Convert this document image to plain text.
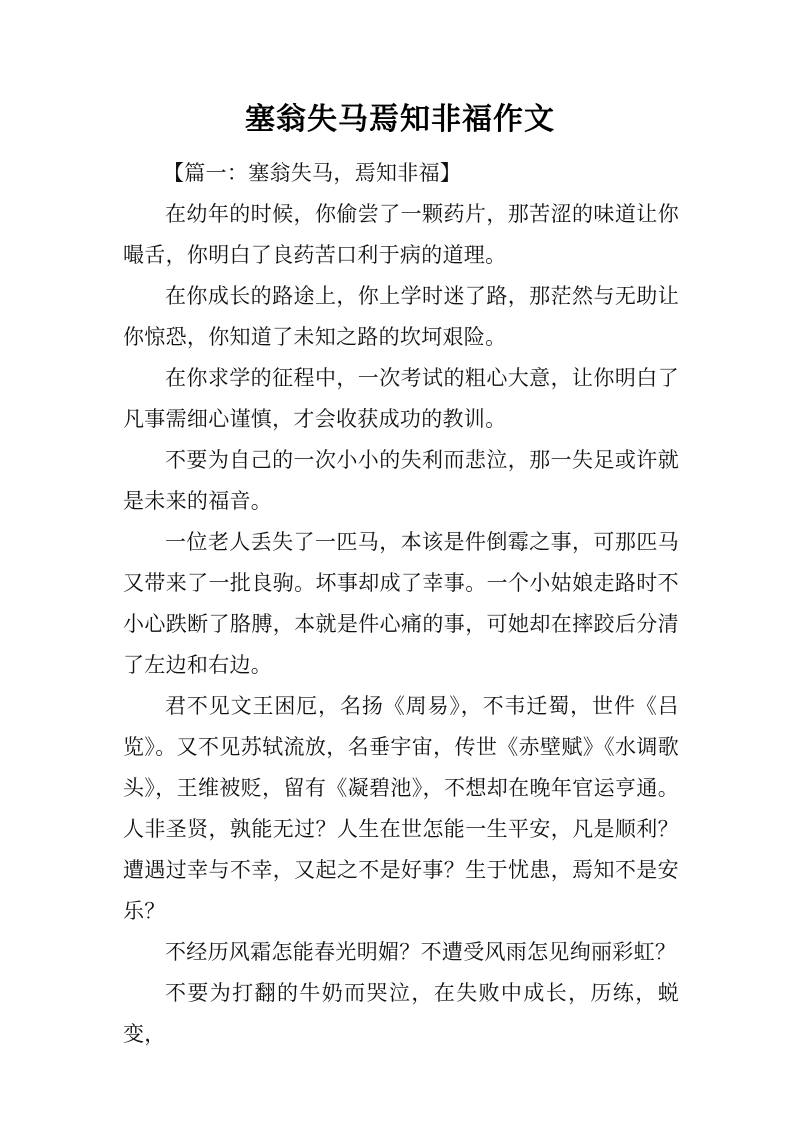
塞翁失马焉知非福作文

【篇一：塞翁失马，焉知非福】

在幼年的时候，你偷尝了一颗药片，那苦涩的味道让你嘬舌，你明白了良药苦口利于病的道理。

在你成长的路途上，你上学时迷了路，那茫然与无助让你惊恐，你知道了未知之路的坎坷艰险。

在你求学的征程中，一次考试的粗心大意，让你明白了凡事需细心谨慎，才会收获成功的教训。

不要为自己的一次小小的失利而悲泣，那一失足或许就是未来的福音。

一位老人丢失了一匹马，本该是件倒霉之事，可那匹马又带来了一批良驹。坏事却成了幸事。一个小姑娘走路时不小心跌断了胳膊，本就是件心痛的事，可她却在摔跤后分清了左边和右边。

君不见文王困厄，名扬《周易》，不韦迁蜀，世件《吕览》。又不见苏轼流放，名垂宇宙，传世《赤壁赋》《水调歌头》，王维被贬，留有《凝碧池》，不想却在晚年官运亨通。人非圣贤，孰能无过？人生在世怎能一生平安，凡是顺利？遭遇过幸与不幸，又起之不是好事？生于忧患，焉知不是安乐？

不经历风霜怎能春光明媚？不遭受风雨怎见绚丽彩虹？

不要为打翻的牛奶而哭泣，在失败中成长，历练，蜕变，
